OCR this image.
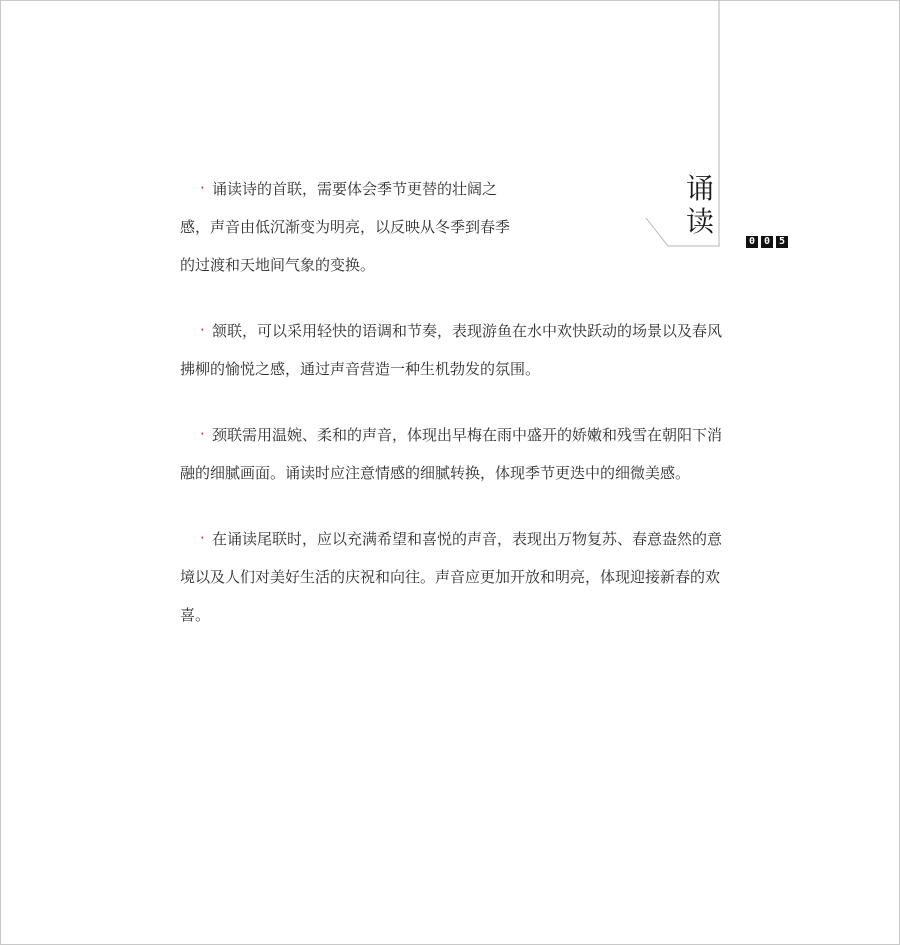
诵读
0 0 5

· 诵读诗的首联，需要体会季节更替的壮阔之感，声音由低沉渐变为明亮，以反映从冬季到春季的过渡和天地间气象的变换。

· 颔联，可以采用轻快的语调和节奏，表现游鱼在水中欢快跃动的场景以及春风拂柳的愉悦之感，通过声音营造一种生机勃发的氛围。

· 颈联需用温婉、柔和的声音，体现出早梅在雨中盛开的娇嫩和残雪在朝阳下消融的细腻画面。诵读时应注意情感的细腻转换，体现季节更迭中的细微美感。

· 在诵读尾联时，应以充满希望和喜悦的声音，表现出万物复苏、春意盎然的意境以及人们对美好生活的庆祝和向往。声音应更加开放和明亮，体现迎接新春的欢喜。
